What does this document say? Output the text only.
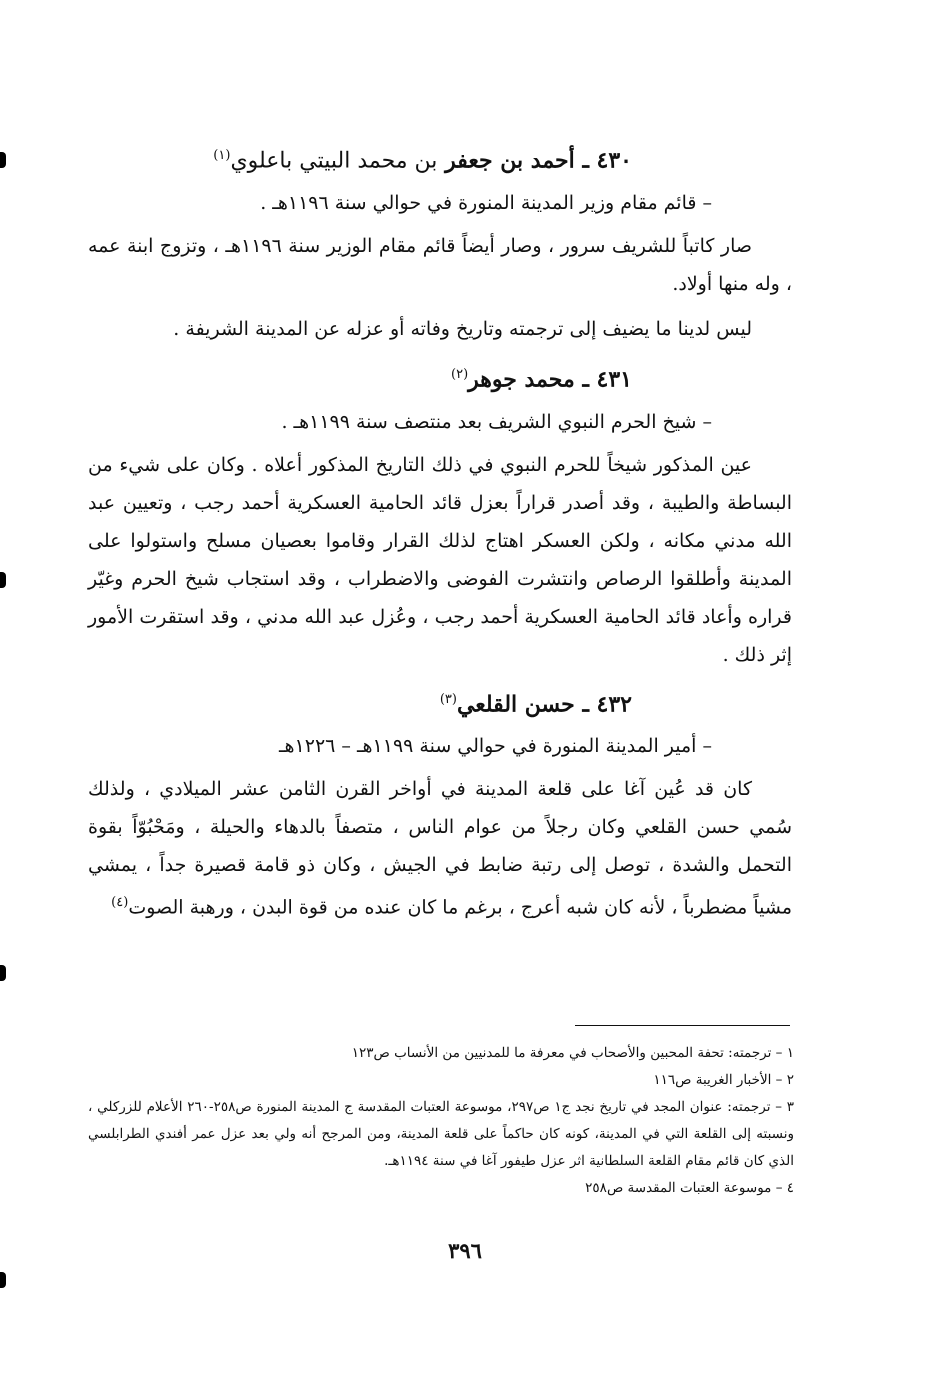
٤٣٠ ـ أحمد بن جعفر بن محمد البيتي باعلوي$^{(١)}$

– قائم مقام وزير المدينة المنورة في حوالي سنة ١١٩٦هـ .

صار كاتباً للشريف سرور ، وصار أيضاً قائم مقام الوزير سنة ١١٩٦هـ ، وتزوج ابنة عمه ، وله منها أولاد.

ليس لدينا ما يضيف إلى ترجمته وتاريخ وفاته أو عزله عن المدينة الشريفة .

٤٣١ ـ محمد جوهر$^{(٢)}$

– شيخ الحرم النبوي الشريف بعد منتصف سنة ١١٩٩هـ .

عين المذكور شيخاً للحرم النبوي في ذلك التاريخ المذكور أعلاه . وكان على شيء من البساطة والطيبة ، وقد أصدر قراراً بعزل قائد الحامية العسكرية أحمد رجب ، وتعيين عبد الله مدني مكانه ، ولكن العسكر اهتاج لذلك القرار وقاموا بعصيان مسلح واستولوا على المدينة وأطلقوا الرصاص وانتشرت الفوضى والاضطراب ، وقد استجاب شيخ الحرم وغيّر قراره وأعاد قائد الحامية العسكرية أحمد رجب ، وعُزل عبد الله مدني ، وقد استقرت الأمور إثر ذلك .

٤٣٢ ـ حسن القلعي$^{(٣)}$

– أمير المدينة المنورة في حوالي سنة ١١٩٩هـ – ١٢٢٦هـ

كان قد عُين آغا على قلعة المدينة في أواخر القرن الثامن عشر الميلادي ، ولذلك سُمي حسن القلعي وكان رجلاً من عوام الناس ، متصفاً بالدهاء والحيلة ، ومَحْبُوّاً بقوة التحمل والشدة ، توصل إلى رتبة ضابط في الجيش ، وكان ذو قامة قصيرة جداً ، يمشي مشياً مضطرباً ، لأنه كان شبه أعرج ، برغم ما كان عنده من قوة البدن ، ورهبة الصوت$^{(٤)}$

١ – ترجمته: تحفة المحبين والأصحاب في معرفة ما للمدنيين من الأنساب ص١٢٣

٢ – الأخبار الغريبة ص١١٦

٣ – ترجمته: عنوان المجد في تاريخ نجد ج١ ص٢٩٧، موسوعة العتبات المقدسة ج المدينة المنورة ص٢٥٨-٢٦٠ الأعلام للزركلي ، ونسبته إلى القلعة التي في المدينة، كونه كان حاكماً على قلعة المدينة، ومن المرجح أنه ولي بعد عزل عمر أفندي الطرابلسي الذي كان قائم مقام القلعة السلطانية اثر عزل طيفور آغا في سنة ١١٩٤هـ.

٤ – موسوعة العتبات المقدسة ص٢٥٨

٣٩٦
